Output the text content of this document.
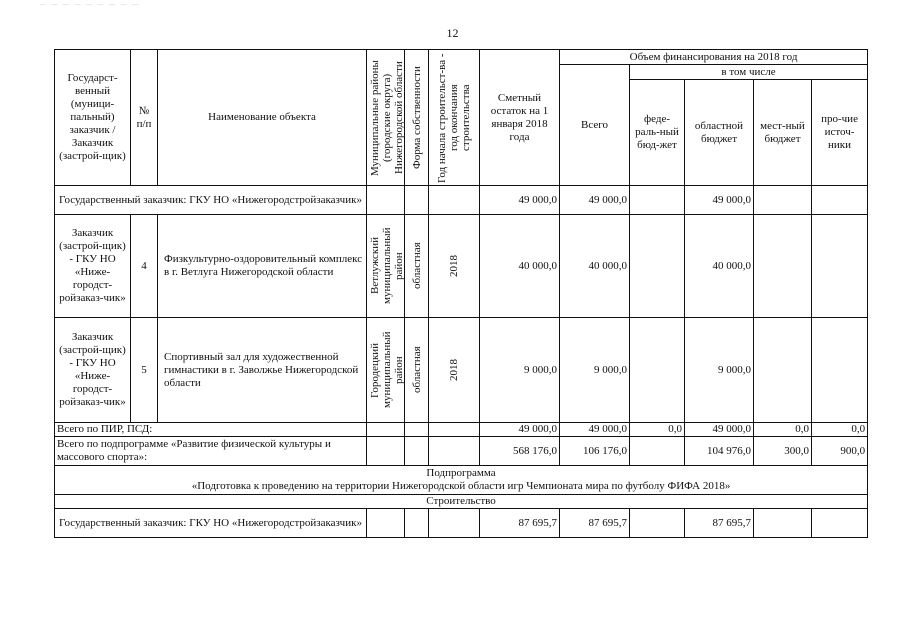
— — — — — — — — —
12
Государст-венный (муници-пальный) заказчик / Заказчик (застрой-щик)	№ п/п	Наименование объекта	Муниципальные районы (городские округа) Нижегородской области	Форма собственности	Год начала строительст-ва - год окончания строительства	Сметный остаток на 1 января 2018 года	Объем финансирования на 2018 год				
							Всего	в том числе			
								феде-раль-ный бюд-жет	областной бюджет	мест-ный бюджет	про-чие источ-ники
Государственный заказчик: ГКУ НО «Нижегородстройзаказчик»						49 000,0	49 000,0		49 000,0		
Заказчик (застрой-щик) - ГКУ НО «Ниже-городст-ройзаказ-чик»	4	Физкультурно-оздоровительный комплекс в г. Ветлуга Нижегородской области	Ветлужский муниципальный район	областная	2018	40 000,0	40 000,0		40 000,0		
Заказчик (застрой-щик) - ГКУ НО «Ниже-городст-ройзаказ-чик»	5	Спортивный зал для художественной гимнастики в г. Заволжье Нижегородской области	Городецкий муниципальный район	областная	2018	9 000,0	9 000,0		9 000,0		
Всего по ПИР, ПСД:						49 000,0	49 000,0	0,0	49 000,0	0,0	0,0
Всего по подпрограмме «Развитие физической культуры и массового спорта»:						568 176,0	106 176,0		104 976,0	300,0	900,0

Подпрограмма
«Подготовка к проведению на территории Нижегородской области игр Чемпионата мира по футболу ФИФА 2018»											

Строительство											
Государственный заказчик: ГКУ НО «Нижегородстройзаказчик»						87 695,7	87 695,7		87 695,7		
